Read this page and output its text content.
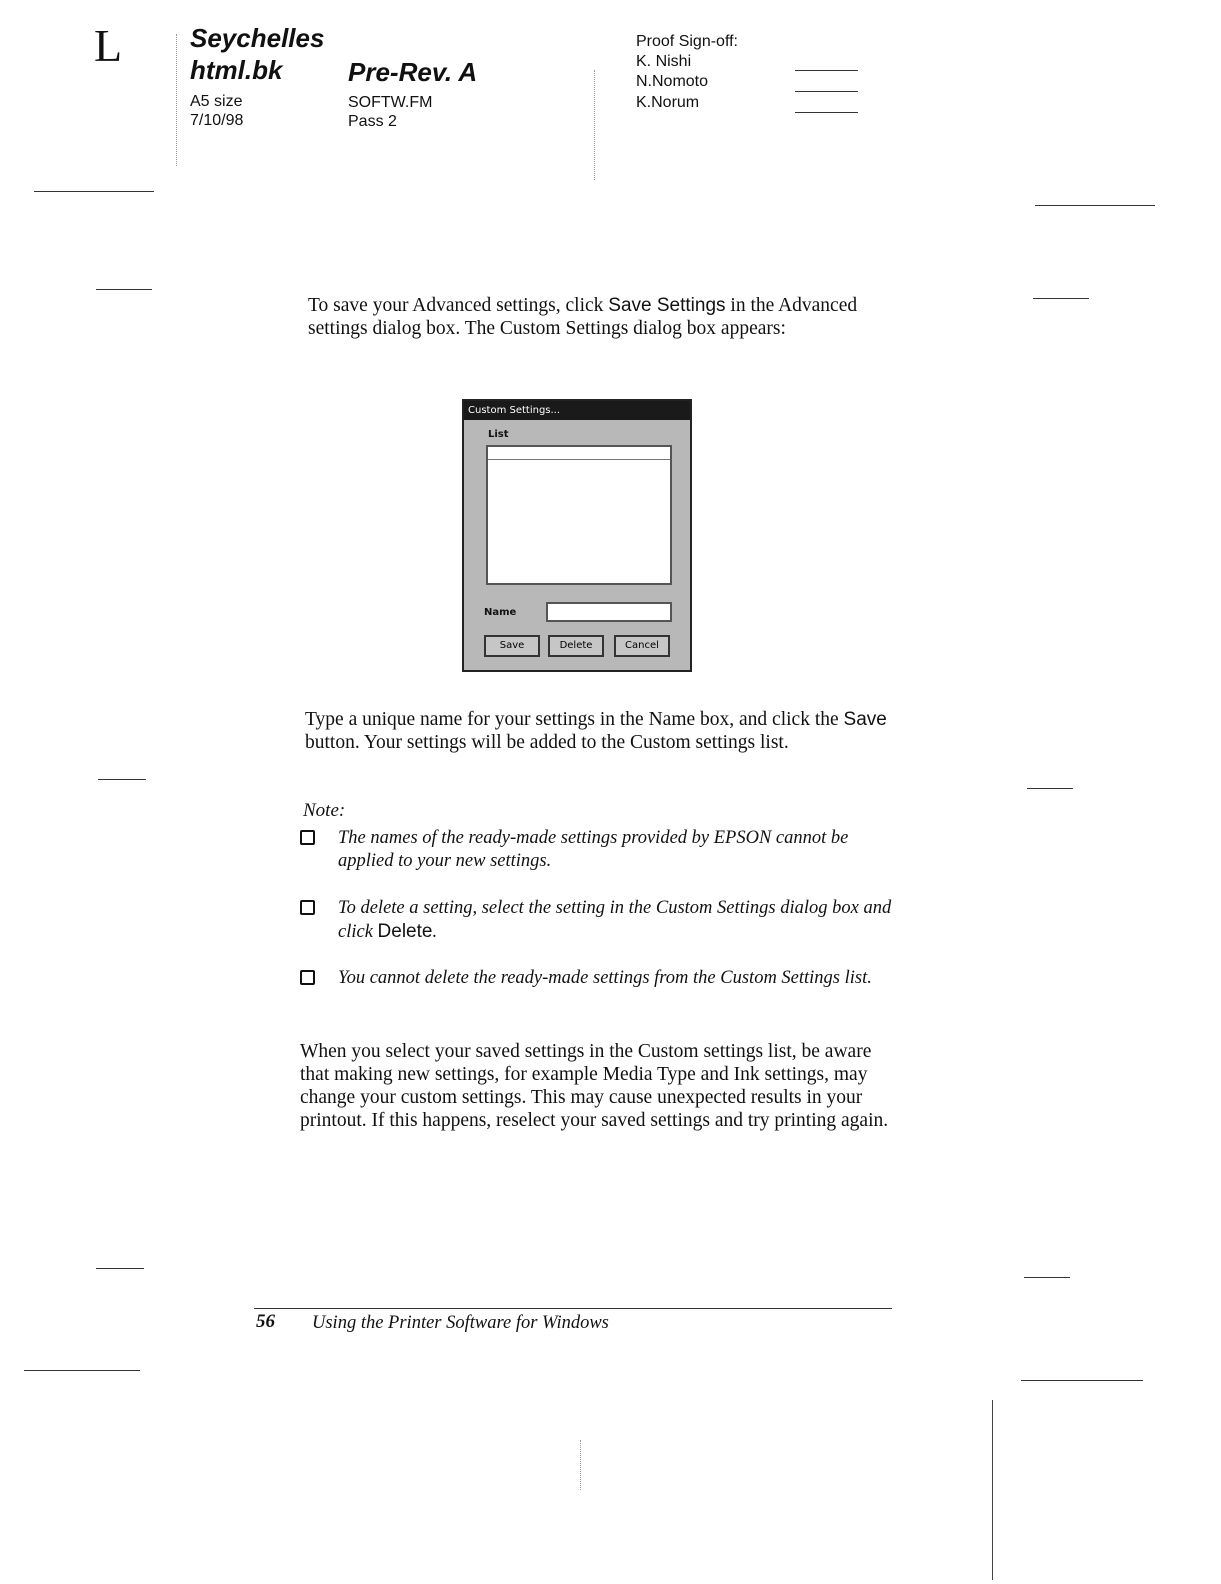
L	Seychelles
html.bk	Pre-Rev. A
A5 size
7/10/98
SOFTW.FM
Pass 2
Proof Sign-off:
K. Nishi
N.Nomoto
K.Norum

To save your Advanced settings, click Save Settings in the Advanced settings dialog box. The Custom Settings dialog box appears:

Custom Settings...
List
Name
Save	Delete	Cancel

Type a unique name for your settings in the Name box, and click the Save button. Your settings will be added to the Custom settings list.

Note:
The names of the ready-made settings provided by EPSON cannot be applied to your new settings.
To delete a setting, select the setting in the Custom Settings dialog box and click Delete.
You cannot delete the ready-made settings from the Custom Settings list.

When you select your saved settings in the Custom settings list, be aware that making new settings, for example Media Type and Ink settings, may change your custom settings. This may cause unexpected results in your printout. If this happens, reselect your saved settings and try printing again.

56 Using the Printer Software for Windows
